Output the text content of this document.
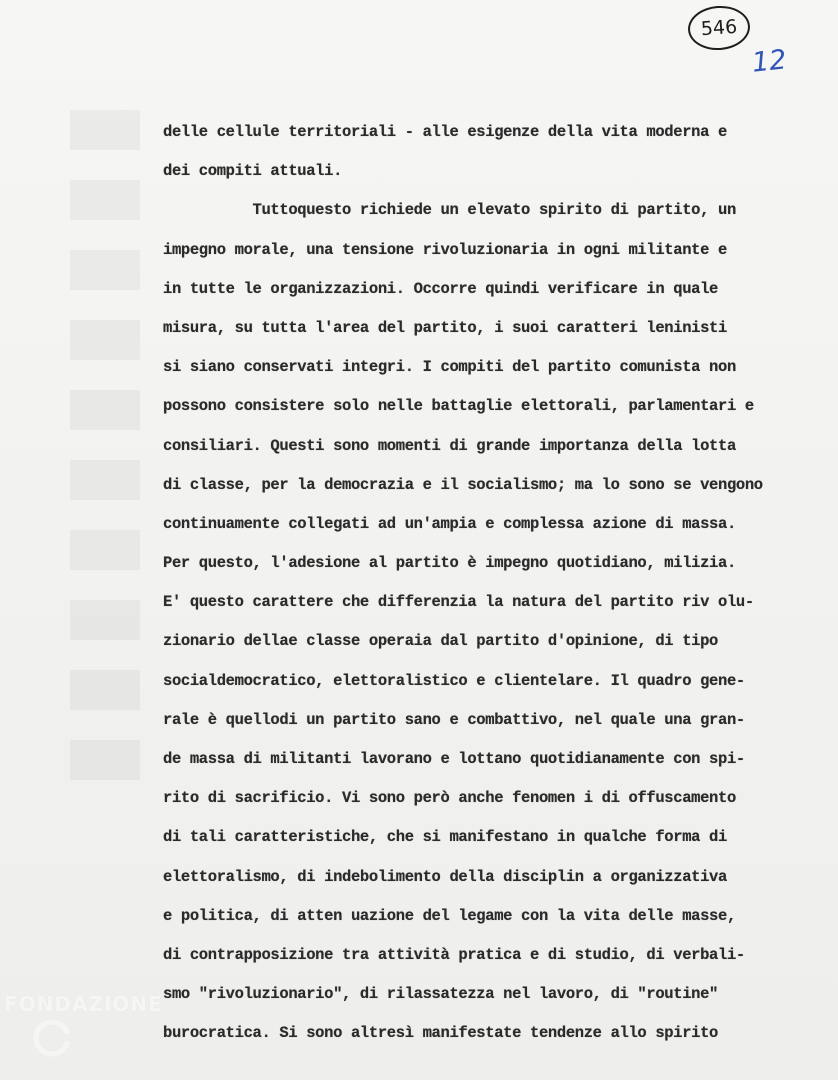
546
12
delle cellule territoriali - alle esigenze della vita moderna e
dei compiti attuali.
Tuttoquesto richiede un elevato spirito di partito, un
impegno morale, una tensione rivoluzionaria in ogni militante e
in tutte le organizzazioni. Occorre quindi verificare in quale
misura, su tutta l'area del partito, i suoi caratteri leninisti
si siano conservati integri. I compiti del partito comunista non
possono consistere solo nelle battaglie elettorali, parlamentari e
consiliari. Questi sono momenti di grande importanza della lotta
di classe, per la democrazia e il socialismo; ma lo sono se vengono
continuamente collegati ad un'ampia e complessa azione di massa.
Per questo, l'adesione al partito è impegno quotidiano, milizia.
E' questo carattere che differenzia la natura del partito riv olu-
zionario dellae classe operaia dal partito d'opinione, di tipo
socialdemocratico, elettoralistico e clientelare. Il quadro gene-
rale è quellodi un partito sano e combattivo, nel quale una gran-
de massa di militanti lavorano e lottano quotidianamente con spi-
rito di sacrificio. Vi sono però anche fenomen i di offuscamento
di tali caratteristiche, che si manifestano in qualche forma di
elettoralismo, di indebolimento della disciplin a organizzativa
e politica, di atten uazione del legame con la vita delle masse,
di contrapposizione tra attività pratica e di studio, di verbali-
smo "rivoluzionario", di rilassatezza nel lavoro, di "routine"
burocratica. Si sono altresì manifestate tendenze allo spirito
FONDAZIONE
